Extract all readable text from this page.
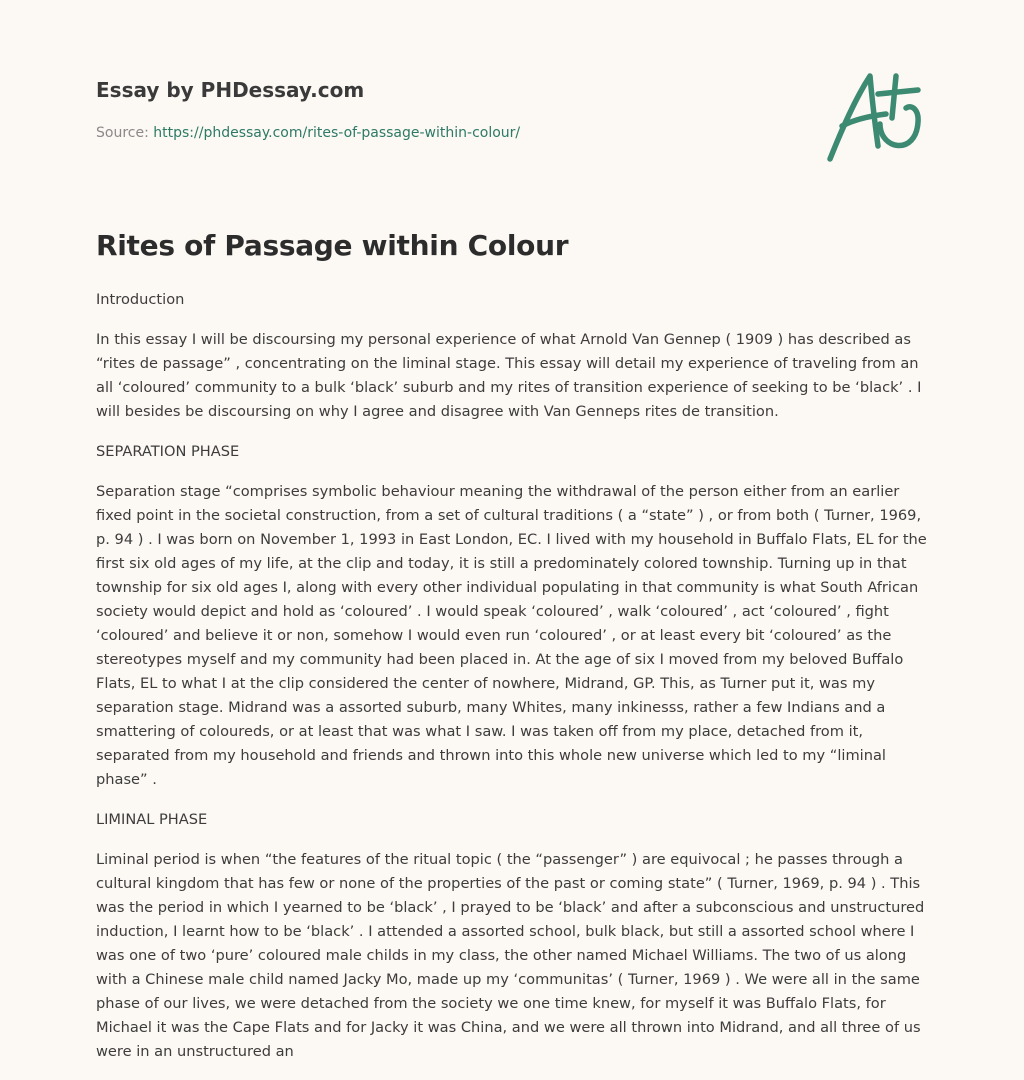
Essay by PHDessay.com
Source: https://phdessay.com/rites-of-passage-within-colour/
Rites of Passage within Colour

Introduction

In this essay I will be discoursing my personal experience of what Arnold Van Gennep ( 1909 ) has described as “rites de passage” , concentrating on the liminal stage. This essay will detail my experience of traveling from an all ‘coloured’ community to a bulk ‘black’ suburb and my rites of transition experience of seeking to be ‘black’ . I will besides be discoursing on why I agree and disagree with Van Genneps rites de transition.

SEPARATION PHASE

Separation stage “comprises symbolic behaviour meaning the withdrawal of the person either from an earlier fixed point in the societal construction, from a set of cultural traditions ( a “state” ) , or from both ( Turner, 1969, p. 94 ) . I was born on November 1, 1993 in East London, EC. I lived with my household in Buffalo Flats, EL for the first six old ages of my life, at the clip and today, it is still a predominately colored township. Turning up in that township for six old ages I, along with every other individual populating in that community is what South African society would depict and hold as ‘coloured’ . I would speak ‘coloured’ , walk ‘coloured’ , act ‘coloured’ , fight ‘coloured’ and believe it or non, somehow I would even run ‘coloured’ , or at least every bit ‘coloured’ as the stereotypes myself and my community had been placed in. At the age of six I moved from my beloved Buffalo Flats, EL to what I at the clip considered the center of nowhere, Midrand, GP. This, as Turner put it, was my separation stage. Midrand was a assorted suburb, many Whites, many inkinesss, rather a few Indians and a smattering of coloureds, or at least that was what I saw. I was taken off from my place, detached from it, separated from my household and friends and thrown into this whole new universe which led to my “liminal phase” .

LIMINAL PHASE

Liminal period is when “the features of the ritual topic ( the “passenger” ) are equivocal ; he passes through a cultural kingdom that has few or none of the properties of the past or coming state” ( Turner, 1969, p. 94 ) . This was the period in which I yearned to be ‘black’ , I prayed to be ‘black’ and after a subconscious and unstructured induction, I learnt how to be ‘black’ . I attended a assorted school, bulk black, but still a assorted school where I was one of two ‘pure’ coloured male childs in my class, the other named Michael Williams. The two of us along with a Chinese male child named Jacky Mo, made up my ‘communitas’ ( Turner, 1969 ) . We were all in the same phase of our lives, we were detached from the society we one time knew, for myself it was Buffalo Flats, for Michael it was the Cape Flats and for Jacky it was China, and we were all thrown into Midrand, and all three of us were in an unstructured an
